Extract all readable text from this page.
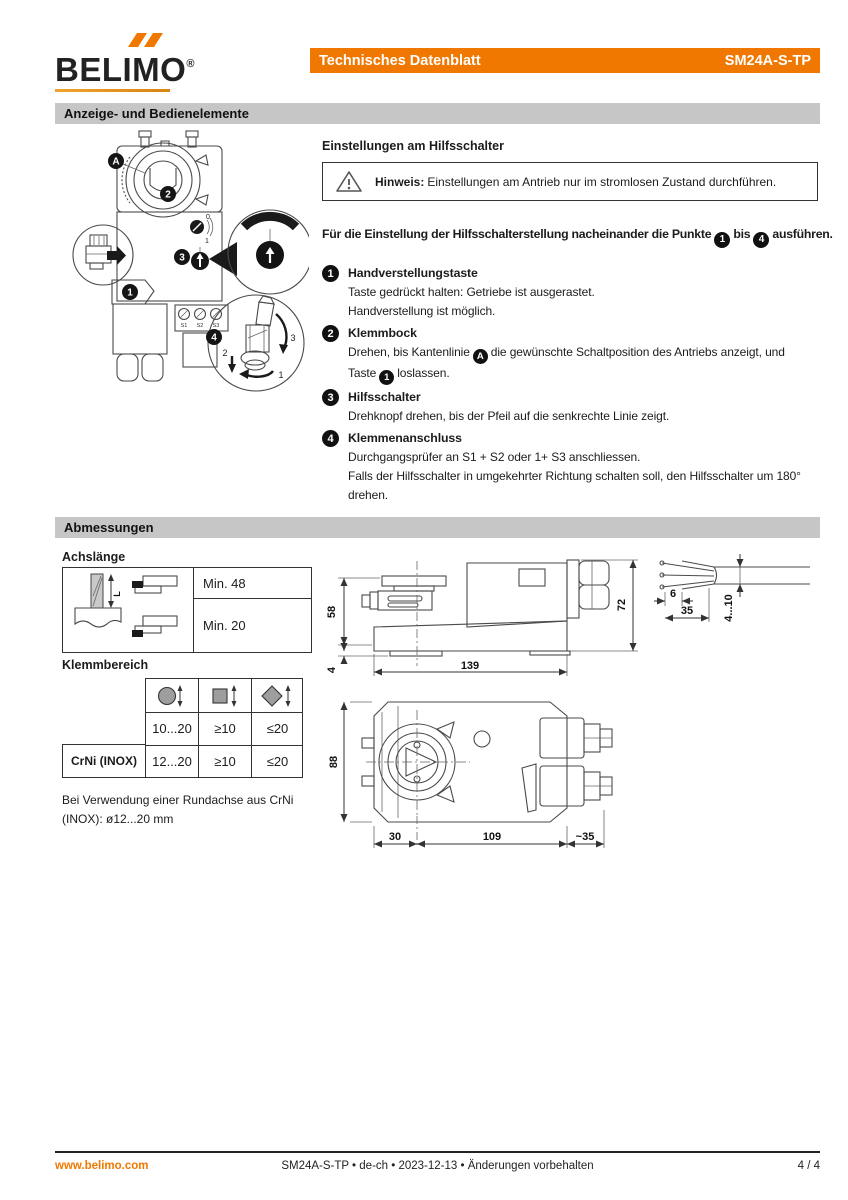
BELIMO®	Technisches Datenblatt	SM24A-S-TP
Anzeige- und Bedienelemente
A
2
0
1
3
0
1
S1 S2 S3
1
2
3
4
Einstellungen am Hilfsschalter
Hinweis: Einstellungen am Antrieb nur im stromlosen Zustand durchführen.
Für die Einstellung der Hilfsschalterstellung nacheinander die Punkte 1 bis 4 ausführen.
1	Handverstellungstaste
Taste gedrückt halten: Getriebe ist ausgerastet.
Handverstellung ist möglich.
2	Klemmbock
Drehen, bis Kantenlinie A die gewünschte Schaltposition des Antriebs anzeigt, und
Taste 1 loslassen.
3	Hilfsschalter
Drehknopf drehen, bis der Pfeil auf die senkrechte Linie zeigt.
4	Klemmenanschluss
Durchgangsprüfer an S1 + S2 oder 1+ S3 anschliessen.
Falls der Hilfsschalter in umgekehrter Richtung schalten soll, den Hilfsschalter um 180°
drehen.
Abmessungen
Achslänge
L
Min. 48
Min. 20
Klemmbereich
10...20	≥10	≤20
12...20	≥10	≤20
CrNi (INOX)
Bei Verwendung einer Rundachse aus CrNi
(INOX): ø12...20 mm
58
4	139
72
6
35	4...10
88
30	109	~35
www.belimo.com	SM24A-S-TP • de-ch • 2023-12-13 • Änderungen vorbehalten	4 / 4
